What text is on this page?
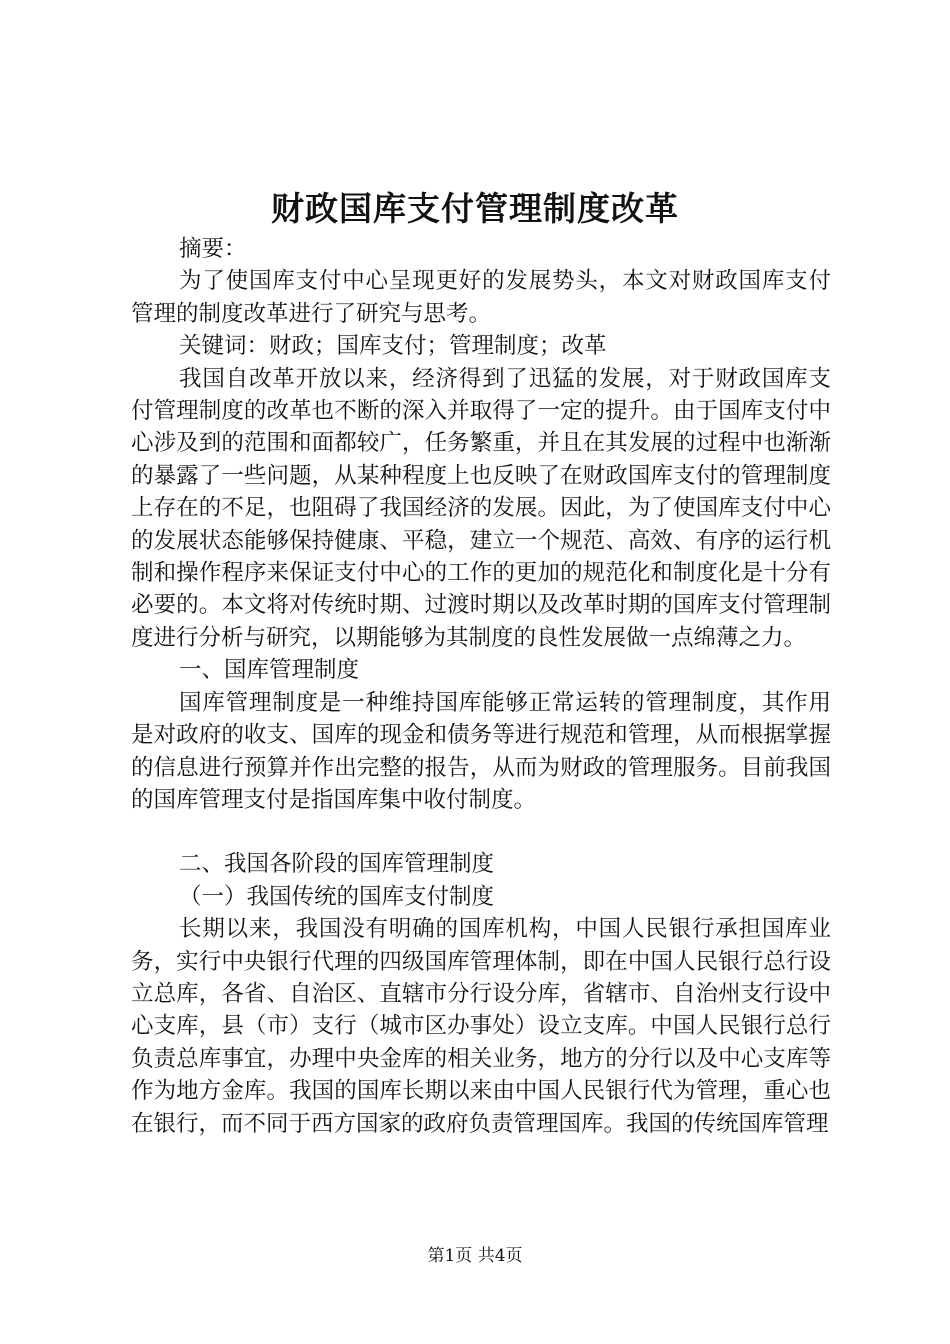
财政国库支付管理制度改革

摘要：

为了使国库支付中心呈现更好的发展势头，本文对财政国库支付管理的制度改革进行了研究与思考。

关键词：财政；国库支付；管理制度；改革

我国自改革开放以来，经济得到了迅猛的发展，对于财政国库支付管理制度的改革也不断的深入并取得了一定的提升。由于国库支付中心涉及到的范围和面都较广，任务繁重，并且在其发展的过程中也渐渐的暴露了一些问题，从某种程度上也反映了在财政国库支付的管理制度上存在的不足，也阻碍了我国经济的发展。因此，为了使国库支付中心的发展状态能够保持健康、平稳，建立一个规范、高效、有序的运行机制和操作程序来保证支付中心的工作的更加的规范化和制度化是十分有必要的。本文将对传统时期、过渡时期以及改革时期的国库支付管理制度进行分析与研究，以期能够为其制度的良性发展做一点绵薄之力。

一、国库管理制度

国库管理制度是一种维持国库能够正常运转的管理制度，其作用是对政府的收支、国库的现金和债务等进行规范和管理，从而根据掌握的信息进行预算并作出完整的报告，从而为财政的管理服务。目前我国的国库管理支付是指国库集中收付制度。

二、我国各阶段的国库管理制度

（一）我国传统的国库支付制度

长期以来，我国没有明确的国库机构，中国人民银行承担国库业务，实行中央银行代理的四级国库管理体制，即在中国人民银行总行设立总库，各省、自治区、直辖市分行设分库，省辖市、自治州支行设中心支库，县（市）支行（城市区办事处）设立支库。中国人民银行总行负责总库事宜，办理中央金库的相关业务，地方的分行以及中心支库等作为地方金库。我国的国库长期以来由中国人民银行代为管理，重心也在银行，而不同于西方国家的政府负责管理国库。我国的传统国库管理

第1页 共4页
